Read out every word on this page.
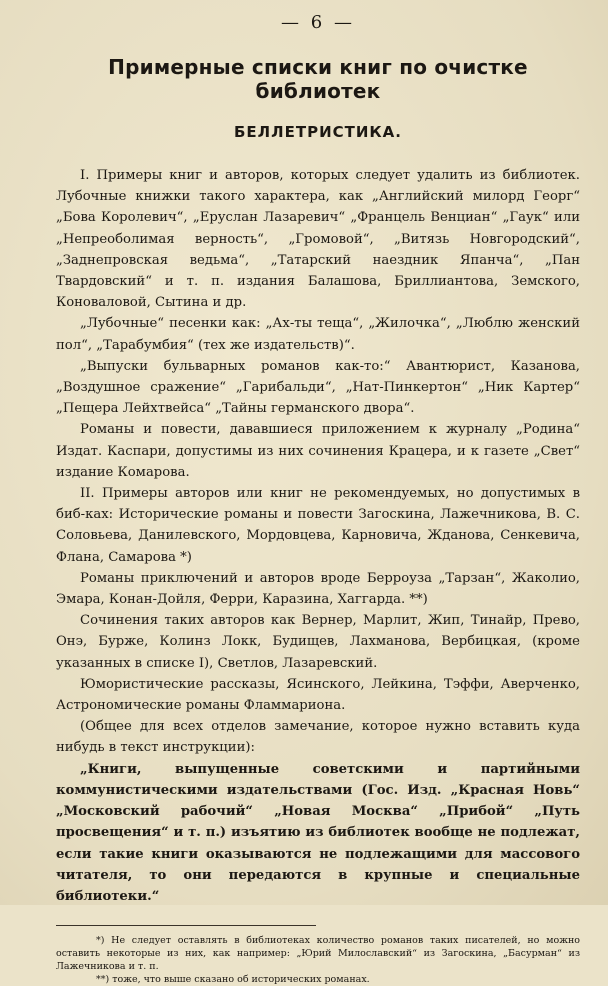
— 6 —
Примерные списки книг по очистке библиотек
БЕЛЛЕТРИСТИКА.

I. Примеры книг и авторов, которых следует удалить из библиотек. Лубочные книжки такого характера, как „Английский милорд Георг“ „Бова Королевич“, „Еруслан Лазаревич“ „Францель Венциан“ „Гаук“ или „Непреоболимая верность“, „Громовой“, „Витязь Новгородский“, „Заднепровская ведьма“, „Татарский наездник Япанча“, „Пан Твардовский“ и т. п. издания Балашова, Бриллиантова, Земского, Коноваловой, Сытина и др.

„Лубочные“ песенки как: „Ах-ты теща“, „Жилочка“, „Люблю женский пол“, „Тарабумбия“ (тех же издательств)“.

„Выпуски бульварных романов как-то:“ Авантюрист, Казанова, „Воздушное сражение“ „Гарибальди“, „Нат-Пинкертон“ „Ник Картер“ „Пещера Лейхтвейса“ „Тайны германского двора“.

Романы и повести, дававшиеся приложением к журналу „Родина“ Издат. Каспари, допустимы из них сочинения Крацера, и к газете „Свет“ издание Комарова.

II. Примеры авторов или книг не рекомендуемых, но допустимых в биб-ках: Исторические романы и повести Загоскина, Лажечникова, В. С. Соловьева, Данилевского, Мордовцева, Карновича, Жданова, Сенкевича, Флана, Самарова *)

Романы приключений и авторов вроде Берроуза „Тарзан“, Жаколио, Эмара, Конан-Дойля, Ферри, Каразина, Хаггарда. **)

Сочинения таких авторов как Вернер, Марлит, Жип, Тинайр, Прево, Онэ, Бурже, Колинз Локк, Будищев, Лахманова, Вербицкая, (кроме указанных в списке I), Светлов, Лазаревский.

Юмористические рассказы, Ясинского, Лейкина, Тэффи, Аверченко, Астрономические романы Фламмариона.

(Общее для всех отделов замечание, которое нужно вставить куда нибудь в текст инструкции):

„Книги, выпущенные советскими и партийными коммунистическими издательствами (Гос. Изд. „Красная Новь“ „Московский рабочий“ „Новая Москва“ „Прибой“ „Путь просвещения“ и т. п.) изъятию из библиотек вообще не подлежат, если такие книги оказываются не подлежащими для массового читателя, то они передаются в крупные и специальные библиотеки.“

*) Не следует оставлять в библиотеках количество романов таких писателей, но можно оставить некоторые из них, как например: „Юрий Милославский“ из Загоскина, „Басурман“ из Лажечникова и т. п.

**) тоже, что выше сказано об исторических романах.
